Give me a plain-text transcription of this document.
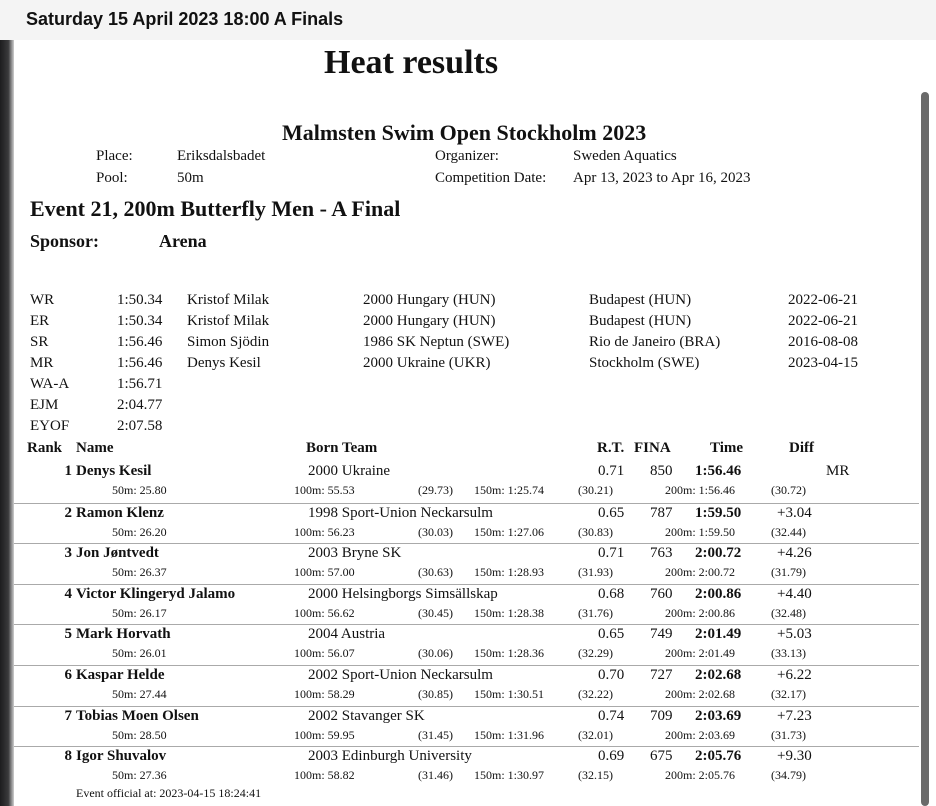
Saturday 15 April 2023 18:00 A Finals
Heat results
Malmsten Swim Open Stockholm 2023
Place:	Eriksdalsbadet
Pool:	50m
Organizer:	Sweden Aquatics
Competition Date: Apr 13, 2023 to Apr 16, 2023
Event 21, 200m Butterfly Men - A Final
Sponsor:	Arena
WR	1:50.34 Kristof Milak	2000 Hungary (HUN)	Budapest (HUN)	2022-06-21
ER	1:50.34 Kristof Milak	2000 Hungary (HUN)	Budapest (HUN)	2022-06-21
SR	1:56.46 Simon Sjödin	1986 SK Neptun (SWE)	Rio de Janeiro (BRA)	2016-08-08
MR	1:56.46 Denys Kesil	2000 Ukraine (UKR)	Stockholm (SWE)	2023-04-15
WA-A	1:56.71
EJM	2:04.77
EYOF	2:07.58
Rank Name	Born Team	R.T. FINA	Time	Diff
1 Denys Kesil	2000 Ukraine	0.71 850 1:56.46	MR
50m: 25.80	100m: 55.53	(29.73) 150m: 1:25.74	(30.21)	200m: 1:56.46	(30.72)
2 Ramon Klenz	1998 Sport-Union Neckarsulm	0.65 787 1:59.50 +3.04
50m: 26.20	100m: 56.23	(30.03) 150m: 1:27.06	(30.83)	200m: 1:59.50	(32.44)
3 Jon Jøntvedt	2003 Bryne SK	0.71 763 2:00.72 +4.26
50m: 26.37	100m: 57.00	(30.63) 150m: 1:28.93	(31.93)	200m: 2:00.72	(31.79)
4 Victor Klingeryd Jalamo	2000 Helsingborgs Simsällskap	0.68 760 2:00.86 +4.40
50m: 26.17	100m: 56.62	(30.45) 150m: 1:28.38	(31.76)	200m: 2:00.86	(32.48)
5 Mark Horvath	2004 Austria	0.65 749 2:01.49 +5.03
50m: 26.01	100m: 56.07	(30.06) 150m: 1:28.36	(32.29)	200m: 2:01.49	(33.13)
6 Kaspar Helde	2002 Sport-Union Neckarsulm	0.70 727 2:02.68 +6.22
50m: 27.44	100m: 58.29	(30.85) 150m: 1:30.51	(32.22)	200m: 2:02.68	(32.17)
7 Tobias Moen Olsen	2002 Stavanger SK	0.74 709 2:03.69 +7.23
50m: 28.50	100m: 59.95	(31.45) 150m: 1:31.96	(32.01)	200m: 2:03.69	(31.73)
8 Igor Shuvalov	2003 Edinburgh University	0.69 675 2:05.76 +9.30
50m: 27.36	100m: 58.82	(31.46) 150m: 1:30.97	(32.15)	200m: 2:05.76	(34.79)
Event official at: 2023-04-15 18:24:41
